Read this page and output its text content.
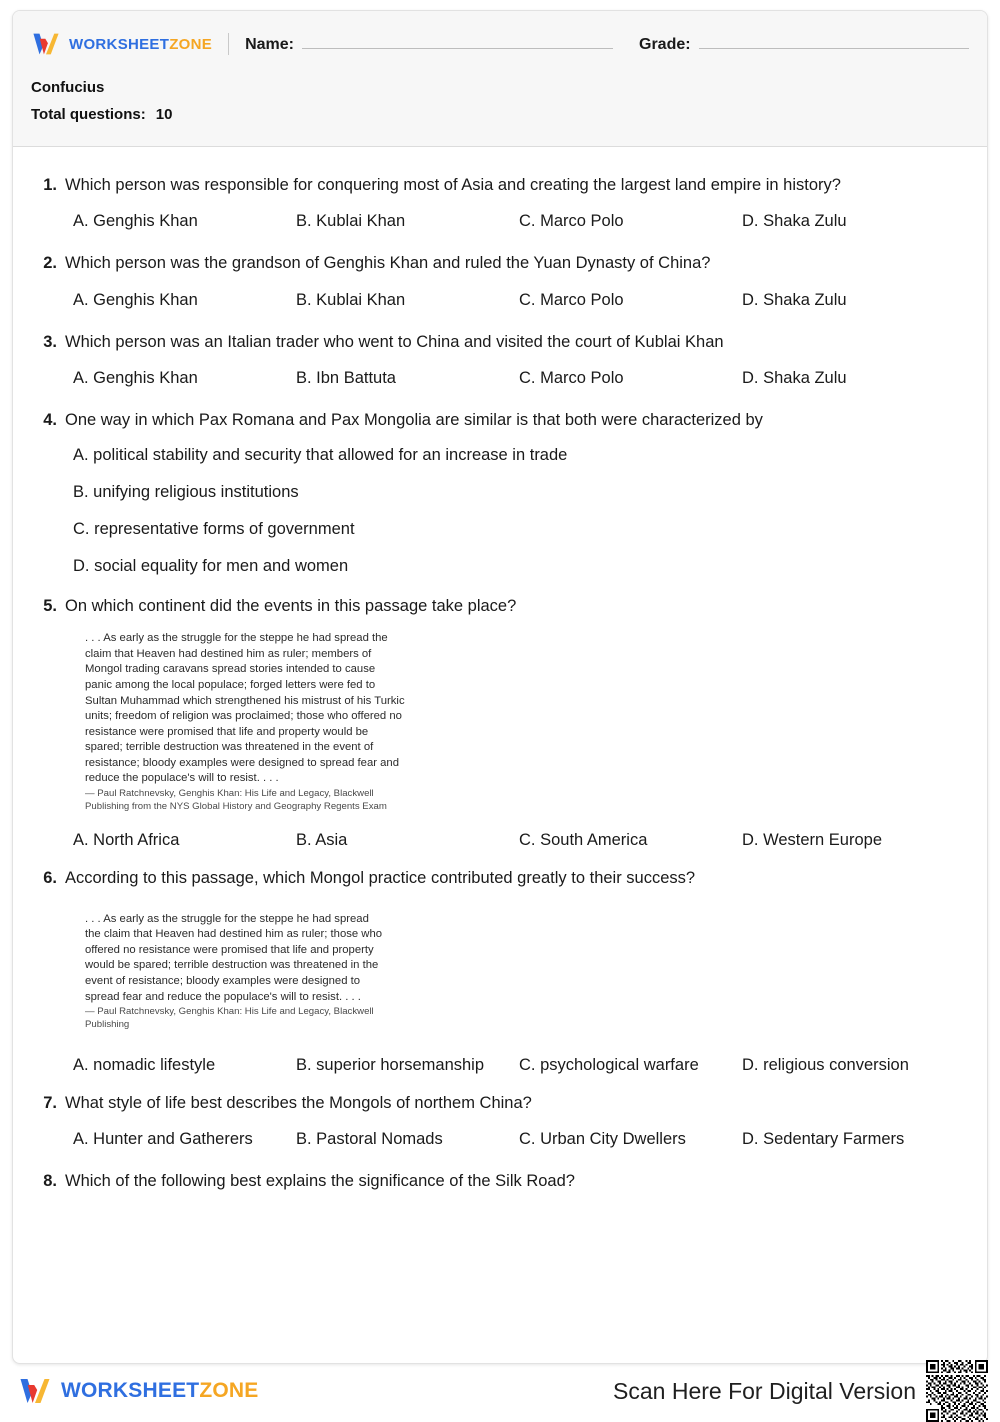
WORKSHEETZONE Name:	Grade:
Confucius
Total questions: 10
1. Which person was responsible for conquering most of Asia and creating the largest land empire in history?
A. Genghis Khan	B. Kublai Khan	C. Marco Polo	D. Shaka Zulu
2. Which person was the grandson of Genghis Khan and ruled the Yuan Dynasty of China?
A. Genghis Khan	B. Kublai Khan	C. Marco Polo	D. Shaka Zulu
3. Which person was an Italian trader who went to China and visited the court of Kublai Khan
A. Genghis Khan	B. Ibn Battuta	C. Marco Polo	D. Shaka Zulu
4. One way in which Pax Romana and Pax Mongolia are similar is that both were characterized by
A. political stability and security that allowed for an increase in trade
B. unifying religious institutions
C. representative forms of government
D. social equality for men and women
5. On which continent did the events in this passage take place?
. . . As early as the struggle for the steppe he had spread the claim that Heaven had destined him as ruler; members of Mongol trading caravans spread stories intended to cause panic among the local populace; forged letters were fed to Sultan Muhammad which strengthened his mistrust of his Turkic units; freedom of religion was proclaimed; those who offered no resistance were promised that life and property would be spared; terrible destruction was threatened in the event of resistance; bloody examples were designed to spread fear and reduce the populace's will to resist. . . .
— Paul Ratchnevsky, Genghis Khan: His Life and Legacy, Blackwell Publishing from the NYS Global History and Geography Regents Exam
A. North Africa	B. Asia	C. South America	D. Western Europe
6. According to this passage, which Mongol practice contributed greatly to their success?
. . . As early as the struggle for the steppe he had spread the claim that Heaven had destined him as ruler; those who offered no resistance were promised that life and property would be spared; terrible destruction was threatened in the event of resistance; bloody examples were designed to spread fear and reduce the populace's will to resist. . . .
— Paul Ratchnevsky, Genghis Khan: His Life and Legacy, Blackwell Publishing
A. nomadic lifestyle	B. superior horsemanship	C. psychological warfare	D. religious conversion
7. What style of life best describes the Mongols of northem China?
A. Hunter and Gatherers	B. Pastoral Nomads	C. Urban City Dwellers	D. Sedentary Farmers
8. Which of the following best explains the significance of the Silk Road?
WORKSHEETZONE	Scan Here For Digital Version
